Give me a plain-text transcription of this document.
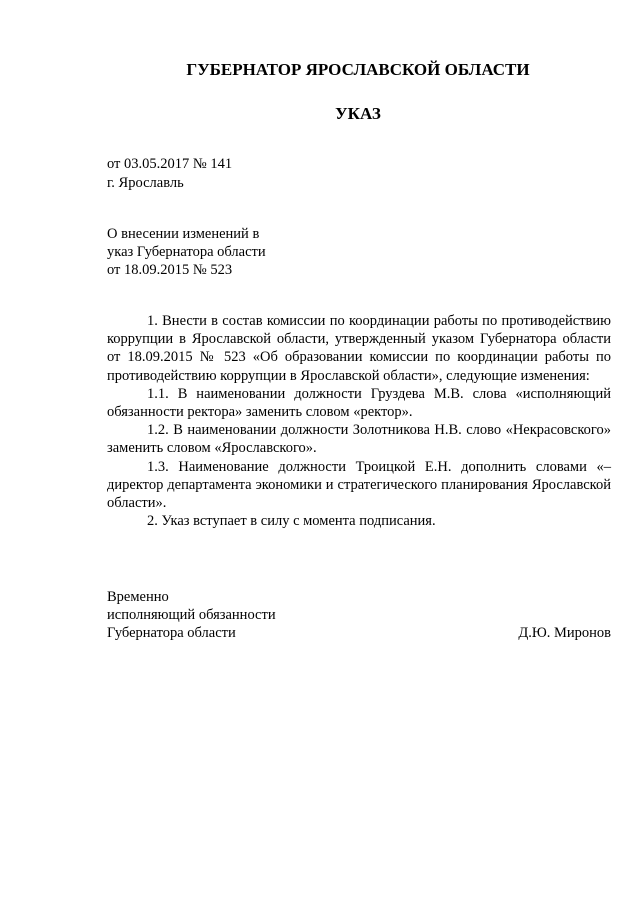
ГУБЕРНАТОР ЯРОСЛАВСКОЙ ОБЛАСТИ
УКАЗ
от 03.05.2017 № 141
г. Ярославль
О внесении изменений в
указ Губернатора области
от 18.09.2015 № 523

1. Внести в состав комиссии по координации работы по противодействию коррупции в Ярославской области, утвержденный указом Губернатора области от 18.09.2015 № 523 «Об образовании комиссии по координации работы по противодействию коррупции в Ярославской области», следующие изменения:

1.1. В наименовании должности Груздева М.В. слова «исполняющий обязанности ректора» заменить словом «ректор».

1.2. В наименовании должности Золотникова Н.В. слово «Некрасовского» заменить словом «Ярославского».

1.3. Наименование должности Троицкой Е.Н. дополнить словами «– директор департамента экономики и стратегического планирования Ярославской области».

2. Указ вступает в силу с момента подписания.

Временно
исполняющий обязанности
Губернатора области	Д.Ю. Миронов
